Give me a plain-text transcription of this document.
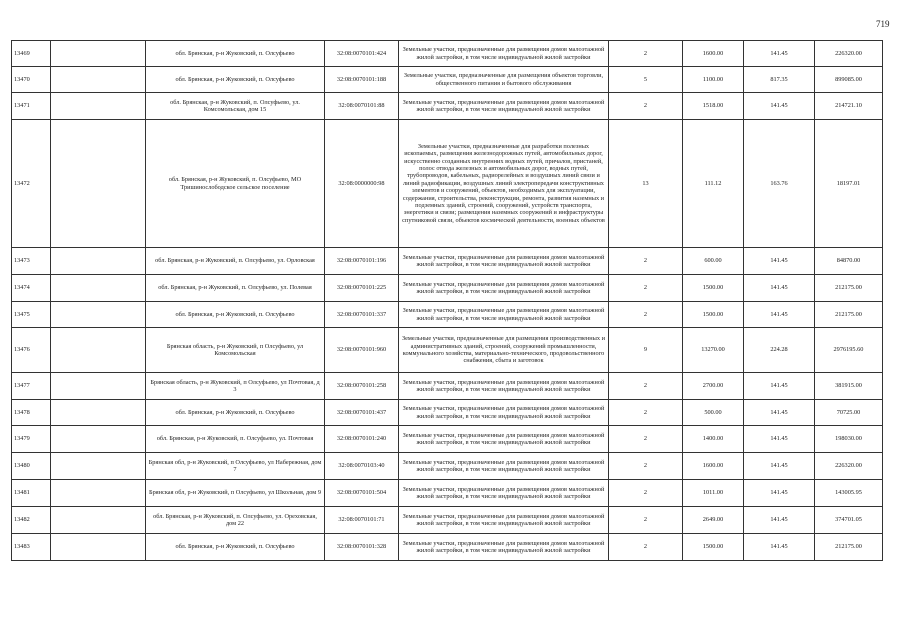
719
13469		обл. Брянская, р-н Жуковский, п. Олсуфьево	32:08:0070101:424	Земельные участки, предназначенные для размещения домов малоэтажной жилой застройки, в том числе индивидуальной жилой застройки	2	1600.00	141.45	226320.00
13470		обл. Брянская, р-н Жуковский, п. Олсуфьево	32:08:0070101:188	Земельные участки, предназначенные для размещения объектов торговли, общественного питания и бытового обслуживания	5	1100.00	817.35	899085.00
13471		обл. Брянская, р-н Жуковский, п. Олсуфьево, ул. Комсомольская, дом 15	32:08:0070101:88	Земельные участки, предназначенные для размещения домов малоэтажной жилой застройки, в том числе индивидуальной жилой застройки	2	1518.00	141.45	214721.10
13472		обл. Брянская, р-н Жуковский, п. Олсуфьево, МО Тришинослободское сельское поселение	32:08:0000000:98	Земельные участки, предназначенные для разработки полезных ископаемых, размещения железнодорожных путей, автомобильных дорог, искусственно созданных внутренних водных путей, причалов, пристаней, полос отвода железных и автомобильных дорог, водных путей, трубопроводов, кабельных, радиорелейных и воздушных линий связи и линий радиофикации, воздушных линий электропередачи конструктивных элементов и сооружений, объектов, необходимых для эксплуатации, содержания, строительства, реконструкции, ремонта, развития наземных и подземных зданий, строений, сооружений, устройств транспорта, энергетики и связи; размещения наземных сооружений и инфраструктуры спутниковой связи, объектов космической деятельности, военных объектов	13	111.12	163.76	18197.01
13473		обл. Брянская, р-н Жуковский, п. Олсуфьево, ул. Орловская	32:08:0070101:196	Земельные участки, предназначенные для размещения домов малоэтажной жилой застройки, в том числе индивидуальной жилой застройки	2	600.00	141.45	84870.00
13474		обл. Брянская, р-н Жуковский, п. Олсуфьево, ул. Полевая	32:08:0070101:225	Земельные участки, предназначенные для размещения домов малоэтажной жилой застройки, в том числе индивидуальной жилой застройки	2	1500.00	141.45	212175.00
13475		обл. Брянская, р-н Жуковский, п. Олсуфьево	32:08:0070101:337	Земельные участки, предназначенные для размещения домов малоэтажной жилой застройки, в том числе индивидуальной жилой застройки	2	1500.00	141.45	212175.00
13476		Брянская область, р-н Жуковский, п Олсуфьево, ул Комсомольская	32:08:0070101:960	Земельные участки, предназначенные для размещения производственных и административных зданий, строений, сооружений промышленности, коммунального хозяйства, материально-технического, продовольственного снабжения, сбыта и заготовок	9	13270.00	224.28	2976195.60
13477		Брянская область, р-н Жуковский, п Олсуфьево, ул Почтовая, д 3	32:08:0070101:258	Земельные участки, предназначенные для размещения домов малоэтажной жилой застройки, в том числе индивидуальной жилой застройки	2	2700.00	141.45	381915.00
13478		обл. Брянская, р-н Жуковский, п. Олсуфьево	32:08:0070101:437	Земельные участки, предназначенные для размещения домов малоэтажной жилой застройки, в том числе индивидуальной жилой застройки	2	500.00	141.45	70725.00
13479		обл. Брянская, р-н Жуковский, п. Олсуфьево, ул. Почтовая	32:08:0070101:240	Земельные участки, предназначенные для размещения домов малоэтажной жилой застройки, в том числе индивидуальной жилой застройки	2	1400.00	141.45	198030.00
13480		Брянская обл, р-н Жуковский, п Олсуфьево, ул Набережная, дом 7	32:08:0070103:40	Земельные участки, предназначенные для размещения домов малоэтажной жилой застройки, в том числе индивидуальной жилой застройки	2	1600.00	141.45	226320.00
13481		Брянская обл, р-н Жуковский, п Олсуфьево, ул Школьная, дом 9	32:08:0070101:504	Земельные участки, предназначенные для размещения домов малоэтажной жилой застройки, в том числе индивидуальной жилой застройки	2	1011.00	141.45	143005.95
13482		обл. Брянская, р-н Жуковский, п. Олсуфьево, ул. Ореховская, дом 22	32:08:0070101:71	Земельные участки, предназначенные для размещения домов малоэтажной жилой застройки, в том числе индивидуальной жилой застройки	2	2649.00	141.45	374701.05
13483		обл. Брянская, р-н Жуковский, п. Олсуфьево	32:08:0070101:328	Земельные участки, предназначенные для размещения домов малоэтажной жилой застройки, в том числе индивидуальной жилой застройки	2	1500.00	141.45	212175.00
